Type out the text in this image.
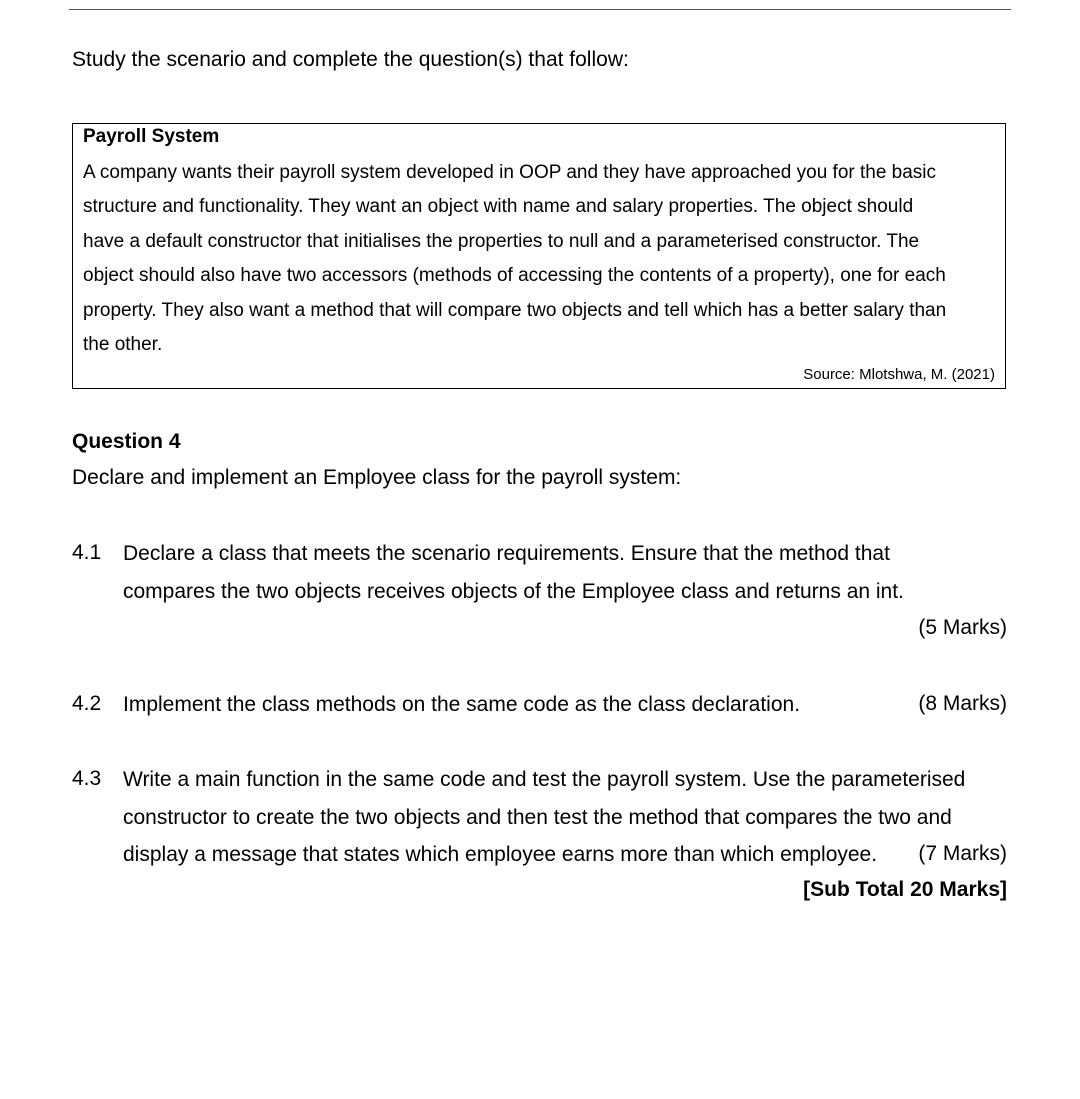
Study the scenario and complete the question(s) that follow:
Payroll System
A company wants their payroll system developed in OOP and they have approached you for the basic
structure and functionality. They want an object with name and salary properties. The object should
have a default constructor that initialises the properties to null and a parameterised constructor. The
object should also have two accessors (methods of accessing the contents of a property), one for each
property. They also want a method that will compare two objects and tell which has a better salary than
the other.
Source: Mlotshwa, M. (2021)
Question 4
Declare and implement an Employee class for the payroll system:
4.1 Declare a class that meets the scenario requirements. Ensure that the method that
compares the two objects receives objects of the Employee class and returns an int.
(5 Marks)
4.2 Implement the class methods on the same code as the class declaration.	(8 Marks)
4.3 Write a main function in the same code and test the payroll system. Use the parameterised
constructor to create the two objects and then test the method that compares the two and
display a message that states which employee earns more than which employee.	(7 Marks)
[Sub Total 20 Marks]
